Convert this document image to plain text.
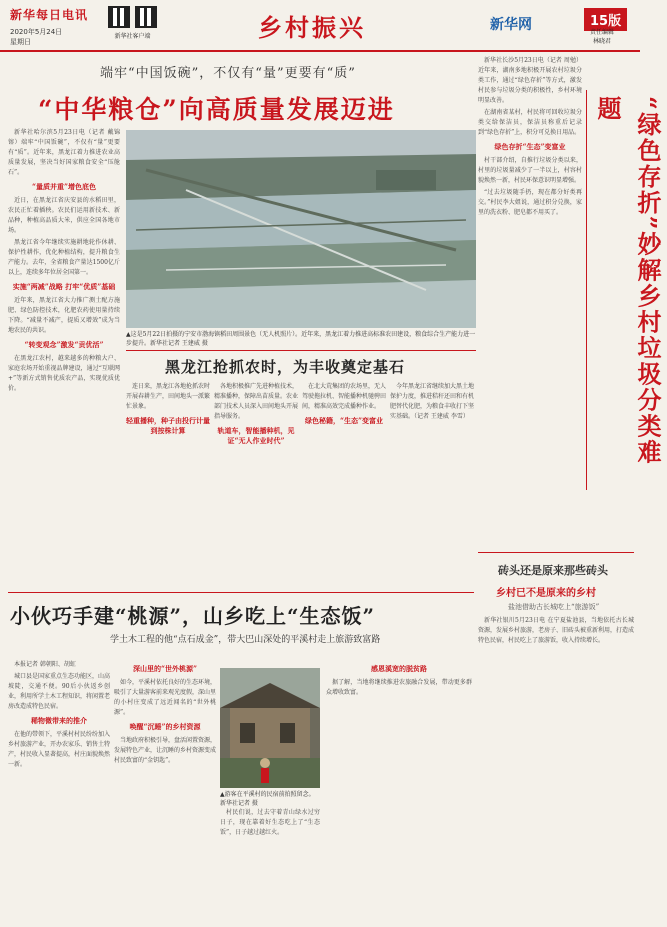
新华每日电讯
2020年5月24日
星期日
新华社客户端	乡村振兴	新华网	15版
责任编辑
林晓君
端牢“中国饭碗”，不仅有“量”更要有“质”
“中华粮仓”向高质量发展迈进

新华社哈尔滨5月23日电（记者 戴锦镕）端牢“中国饭碗”，不仅有“量”更要有“质”。近年来，黑龙江着力推进农业高质量发展，坚决当好国家粮食安全“压舱石”。

“量质并重”增色底色

近日，在黑龙江省庆安县的水稻田里，农民正忙着插秧。农民们运用新技术、新品种，种植高品质大米，供应全国各地市场。

黑龙江省今年继续实施耕地轮作休耕、保护性耕作，优化种植结构，提升粮食生产能力。去年，全省粮食产量达1500亿斤以上，连续多年位居全国第一。

实施“两减”战略 打牢“优质”基础

近年来，黑龙江省大力推广测土配方施肥、绿色防控技术，化肥农药使用量持续下降。“减量不减产，提质又增效”成为当地农民的共识。

“转变观念”激发“贡优活”

在黑龙江农村，越来越多的种粮大户、家庭农场开始重视品牌建设，通过“互联网+”等新方式销售优质农产品，实现优质优价。

▲这是5月22日拍摄的宁安市渤海镇稻田周围景色（无人机照片）。近年来，黑龙江着力推进高标准农田建设，粮食综合生产能力进一步提升。新华社记者 王建威 摄
黑龙江抢抓农时，为丰收奠定基石

连日来，黑龙江各地抢抓农时开展春耕生产，田间地头一派繁忙景象。

轻重播种，种子由投行计量到按株计算

各地积极推广先进种植技术，精准播种，保障出苗质量。农业部门技术人员深入田间地头开展指导服务。

轨道车，智能播种机，见证“无人作业时代”

在北大荒集团的农场里，无人驾驶拖拉机、智能播种机驰骋田间，精准高效完成播种作业。

绿色秘籍，“生态”变富业

今年黑龙江省继续加大黑土地保护力度，推进秸秆还田和有机肥替代化肥，为粮食丰收打下坚实基础。（记者 王建威 李雪）

新华社长沙5月23日电（记者 周勉）近年来，湖南多地积极开展农村垃圾分类工作，通过“绿色存折”等方式，激发村民参与垃圾分类的积极性，乡村环境明显改善。

在湖南省某村，村民将可回收垃圾分类交给保洁员，保洁员称重后记录到“绿色存折”上，积分可兑换日用品。

绿色存折“生态”变富业

村干部介绍，自推行垃圾分类以来，村里的垃圾量减少了一半以上，村容村貌焕然一新，村民环保意识明显增强。

“过去垃圾随手扔，现在都分好类再交。”村民李大姐说，通过积分兑换，家里的洗衣粉、肥皂都不用买了。	“绿色存折”妙解乡村垃圾分类难题
砖头还是原来那些砖头
乡村已不是原来的乡村
盐池借助古长城吃上“旅游饭”

新华社银川5月23日电 在宁夏盐池县，当地依托古长城资源，发展乡村旅游，老房子、旧砖头被重新利用，打造成特色民宿，村民吃上了旅游饭，收入持续增长。

小伙巧手建“桃源”，山乡吃上“生态饭”
学土木工程的他“点石成金”，带大巴山深处的平溪村走上旅游致富路

本报记者 韩朝阳、胡虹

城口县是国家重点生态功能区，山高坡陡，交通不便。90后小伙返乡创业，利用所学土木工程知识，将闲置老房改造成特色民宿。

稀物微带来的推介

在他的带领下，平溪村村民纷纷加入乡村旅游产业，开办农家乐、销售土特产，村民收入显著提高，村庄面貌焕然一新。

深山里的“世外桃源”

如今，平溪村依托良好的生态环境，吸引了大量游客前来观光度假，深山里的小村庄变成了远近闻名的“世外桃源”。

唤醒“沉睡”的乡村资源

当地政府积极引导，盘活闲置资源，发展特色产业，让沉睡的乡村资源变成村民致富的“金钥匙”。

▲游客在平溪村的民宿前拍照留念。新华社记者 摄

村民们说，过去守着青山绿水过穷日子，现在靠着好生态吃上了“生态饭”，日子越过越红火。

感恩溪宽的脱贫路

据了解，当地将继续推进农旅融合发展，带动更多群众增收致富。
